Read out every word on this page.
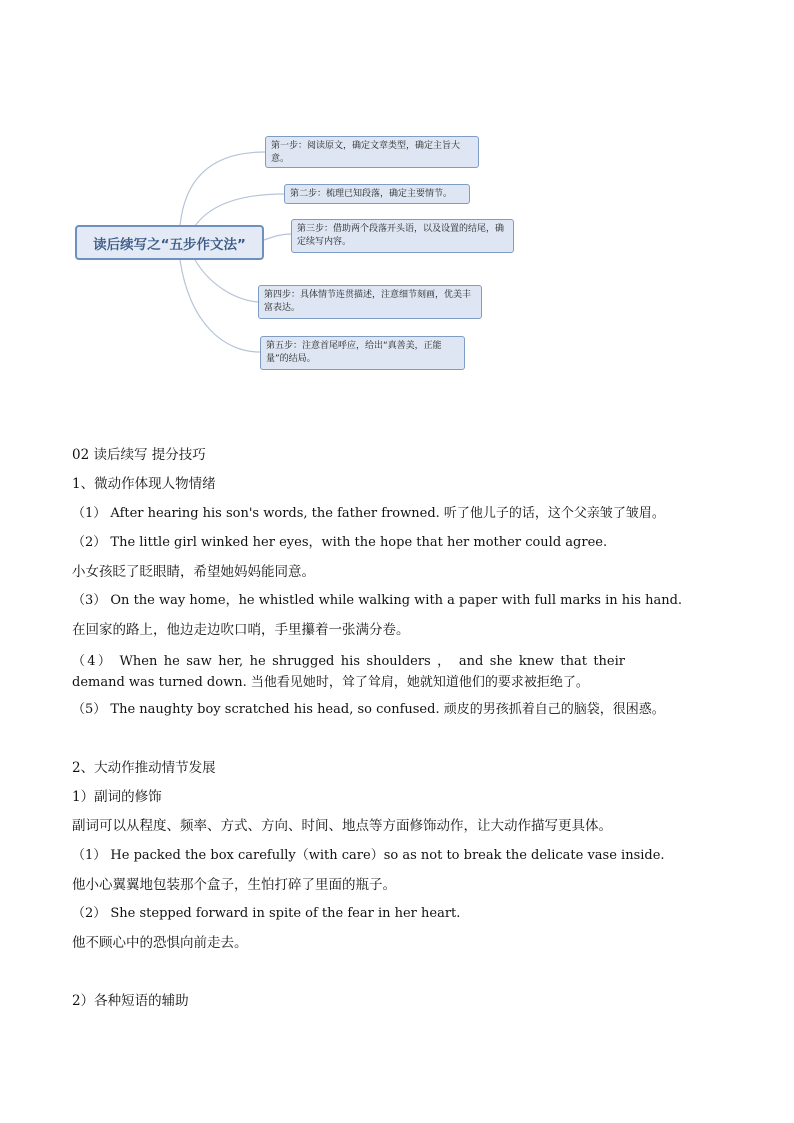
读后续写之“五步作文法”
第一步：阅读原文，确定文章类型，确定主旨大意。
第二步：梳理已知段落，确定主要情节。
第三步：借助两个段落开头语，以及设置的结尾，确定续写内容。
第四步：具体情节连贯描述，注意细节刻画，优美丰富表达。
第五步：注意首尾呼应，给出“真善美，正能量”的结局。
02 读后续写 提分技巧
1、微动作体现人物情绪
（1） After hearing his son's words, the father frowned. 听了他儿子的话，这个父亲皱了皱眉。
（2） The little girl winked her eyes，with the hope that her mother could agree.
小女孩眨了眨眼睛，希望她妈妈能同意。
（3） On the way home，he whistled while walking with a paper with full marks in his hand.
在回家的路上，他边走边吹口哨，手里攥着一张满分卷。
（4） When he saw her, he shrugged his shoulders ， and she knew that their demand was turned down. 当他看见她时，耸了耸肩，她就知道他们的要求被拒绝了。
（5） The naughty boy scratched his head, so confused. 顽皮的男孩抓着自己的脑袋，很困惑。
2、大动作推动情节发展
1）副词的修饰
副词可以从程度、频率、方式、方向、时间、地点等方面修饰动作，让大动作描写更具体。
（1） He packed the box carefully（with care）so as not to break the delicate vase inside.
他小心翼翼地包装那个盒子，生怕打碎了里面的瓶子。
（2） She stepped forward in spite of the fear in her heart.
他不顾心中的恐惧向前走去。
2）各种短语的辅助
